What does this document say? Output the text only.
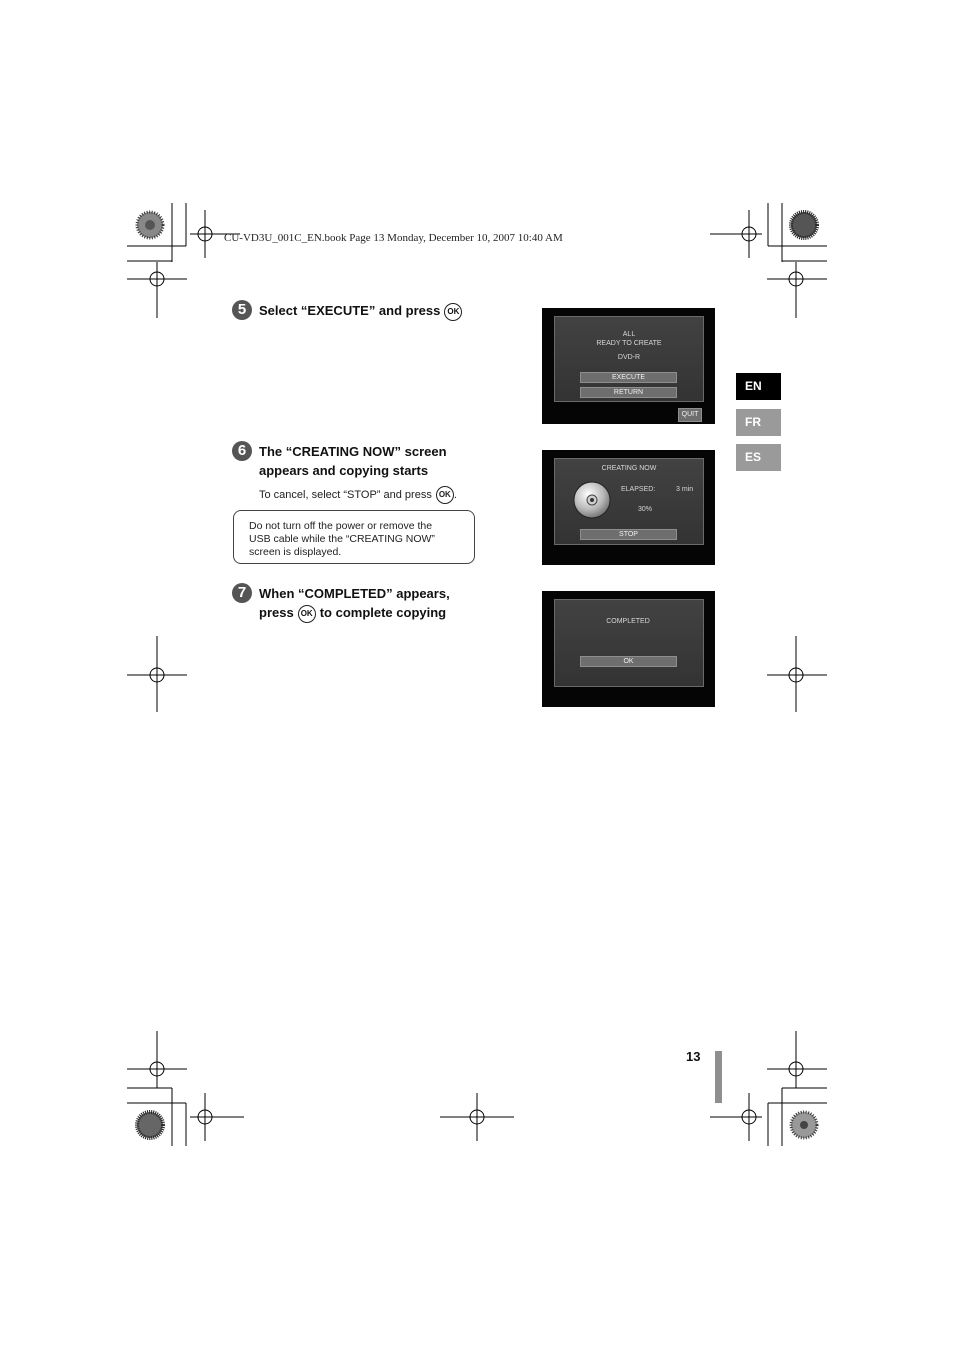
CU-VD3U_001C_EN.book Page 13 Monday, December 10, 2007 10:40 AM
5 Select “EXECUTE” and press OK
6 The “CREATING NOW” screen
appears and copying starts
To cancel, select “STOP” and press OK .
Do not turn off the power or remove the
USB cable while the “CREATING NOW”
screen is displayed.
7 When “COMPLETED” appears,
press OK to complete copying
ALL
READY TO CREATE
DVD-R
EXECUTE
RETURN
QUIT
CREATING NOW
ELAPSED:	3 min
30%
STOP
COMPLETED
OK
EN
FR
ES
13
